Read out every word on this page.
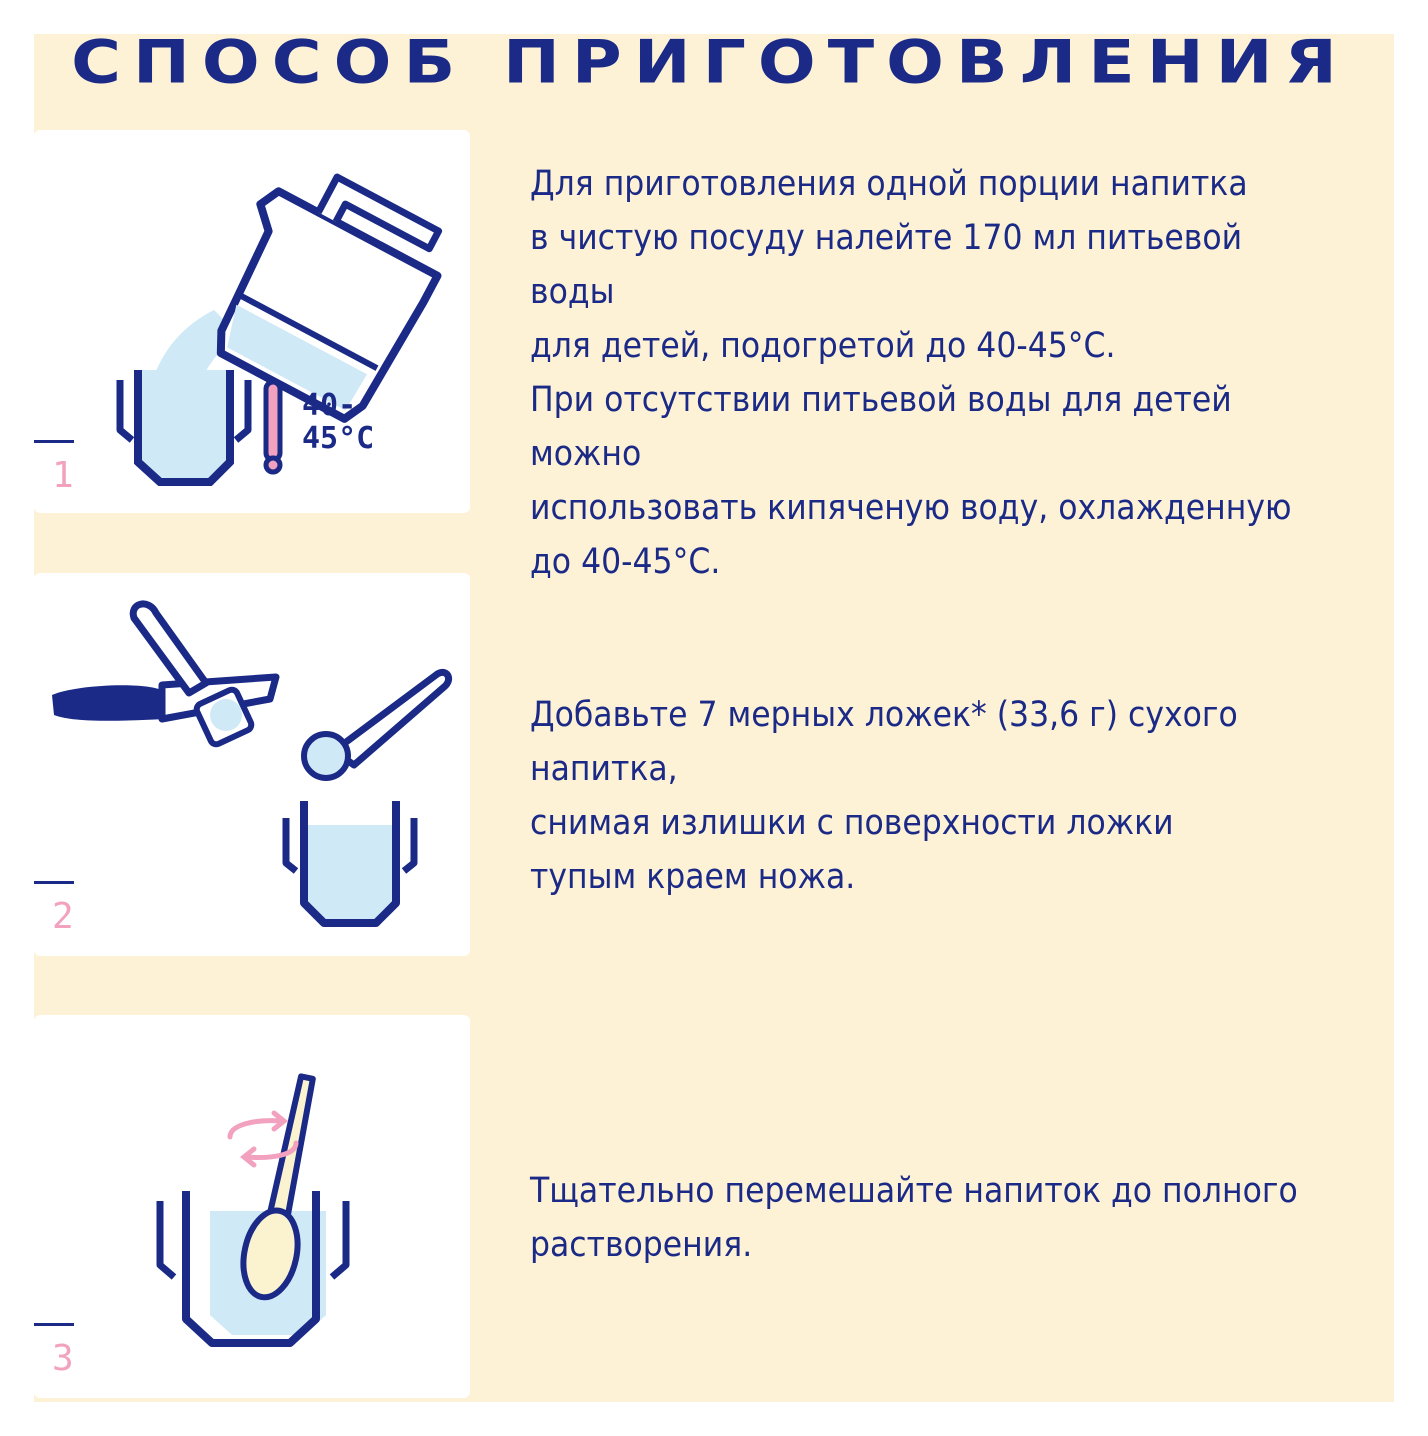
СПОСОБ ПРИГОТОВЛЕНИЯ
40- 45°C
1
Для приготовления одной порции напитка
в чистую посуду налейте 170 мл питьевой воды
для детей, подогретой до 40-45°C.
При отсутствии питьевой воды для детей можно
использовать кипяченую воду, охлажденную
до 40-45°C.
2
Добавьте 7 мерных ложек* (33,6 г) сухого напитка,
снимая излишки с поверхности ложки
тупым краем ножа.
3
Тщательно перемешайте напиток до полного
растворения.
